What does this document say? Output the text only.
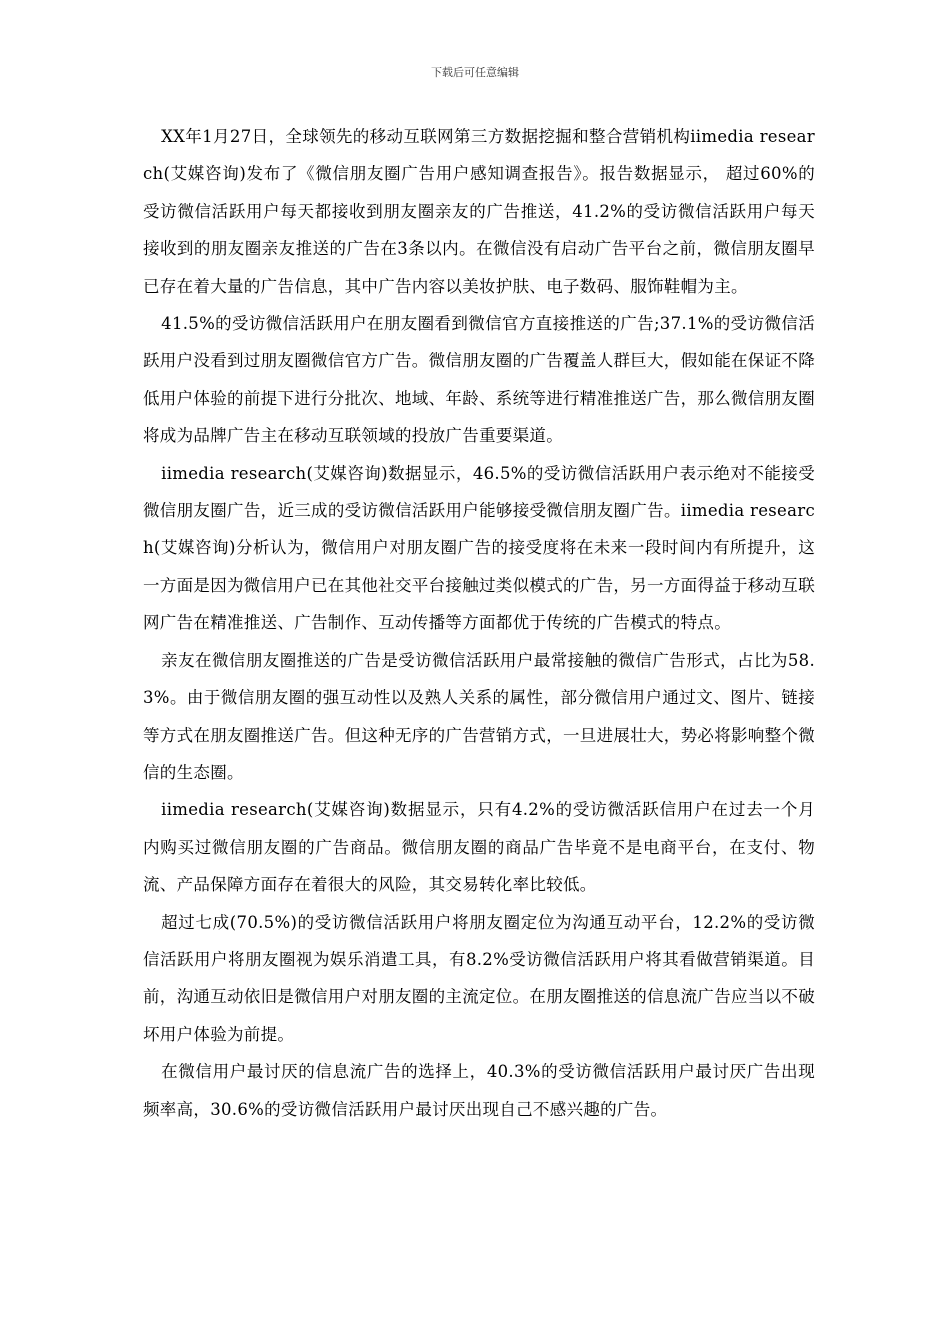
下载后可任意编辑

XX年1月27日，全球领先的移动互联网第三方数据挖掘和整合营销机构iimedia research(艾媒咨询)发布了《微信朋友圈广告用户感知调查报告》。报告数据显示， 超过60%的受访微信活跃用户每天都接收到朋友圈亲友的广告推送，41.2%的受访微信活跃用户每天接收到的朋友圈亲友推送的广告在3条以内。在微信没有启动广告平台之前，微信朋友圈早已存在着大量的广告信息，其中广告内容以美妆护肤、电子数码、服饰鞋帽为主。

41.5%的受访微信活跃用户在朋友圈看到微信官方直接推送的广告;37.1%的受访微信活跃用户没看到过朋友圈微信官方广告。微信朋友圈的广告覆盖人群巨大，假如能在保证不降低用户体验的前提下进行分批次、地域、年龄、系统等进行精准推送广告，那么微信朋友圈将成为品牌广告主在移动互联领域的投放广告重要渠道。

iimedia research(艾媒咨询)数据显示，46.5%的受访微信活跃用户表示绝对不能接受微信朋友圈广告，近三成的受访微信活跃用户能够接受微信朋友圈广告。iimedia research(艾媒咨询)分析认为，微信用户对朋友圈广告的接受度将在未来一段时间内有所提升，这一方面是因为微信用户已在其他社交平台接触过类似模式的广告，另一方面得益于移动互联网广告在精准推送、广告制作、互动传播等方面都优于传统的广告模式的特点。

亲友在微信朋友圈推送的广告是受访微信活跃用户最常接触的微信广告形式，占比为58.3%。由于微信朋友圈的强互动性以及熟人关系的属性，部分微信用户通过文、图片、链接等方式在朋友圈推送广告。但这种无序的广告营销方式，一旦进展壮大，势必将影响整个微信的生态圈。

iimedia research(艾媒咨询)数据显示，只有4.2%的受访微活跃信用户在过去一个月内购买过微信朋友圈的广告商品。微信朋友圈的商品广告毕竟不是电商平台，在支付、物流、产品保障方面存在着很大的风险，其交易转化率比较低。

超过七成(70.5%)的受访微信活跃用户将朋友圈定位为沟通互动平台，12.2%的受访微信活跃用户将朋友圈视为娱乐消遣工具，有8.2%受访微信活跃用户将其看做营销渠道。目前，沟通互动依旧是微信用户对朋友圈的主流定位。在朋友圈推送的信息流广告应当以不破坏用户体验为前提。

在微信用户最讨厌的信息流广告的选择上，40.3%的受访微信活跃用户最讨厌广告出现频率高，30.6%的受访微信活跃用户最讨厌出现自己不感兴趣的广告。
